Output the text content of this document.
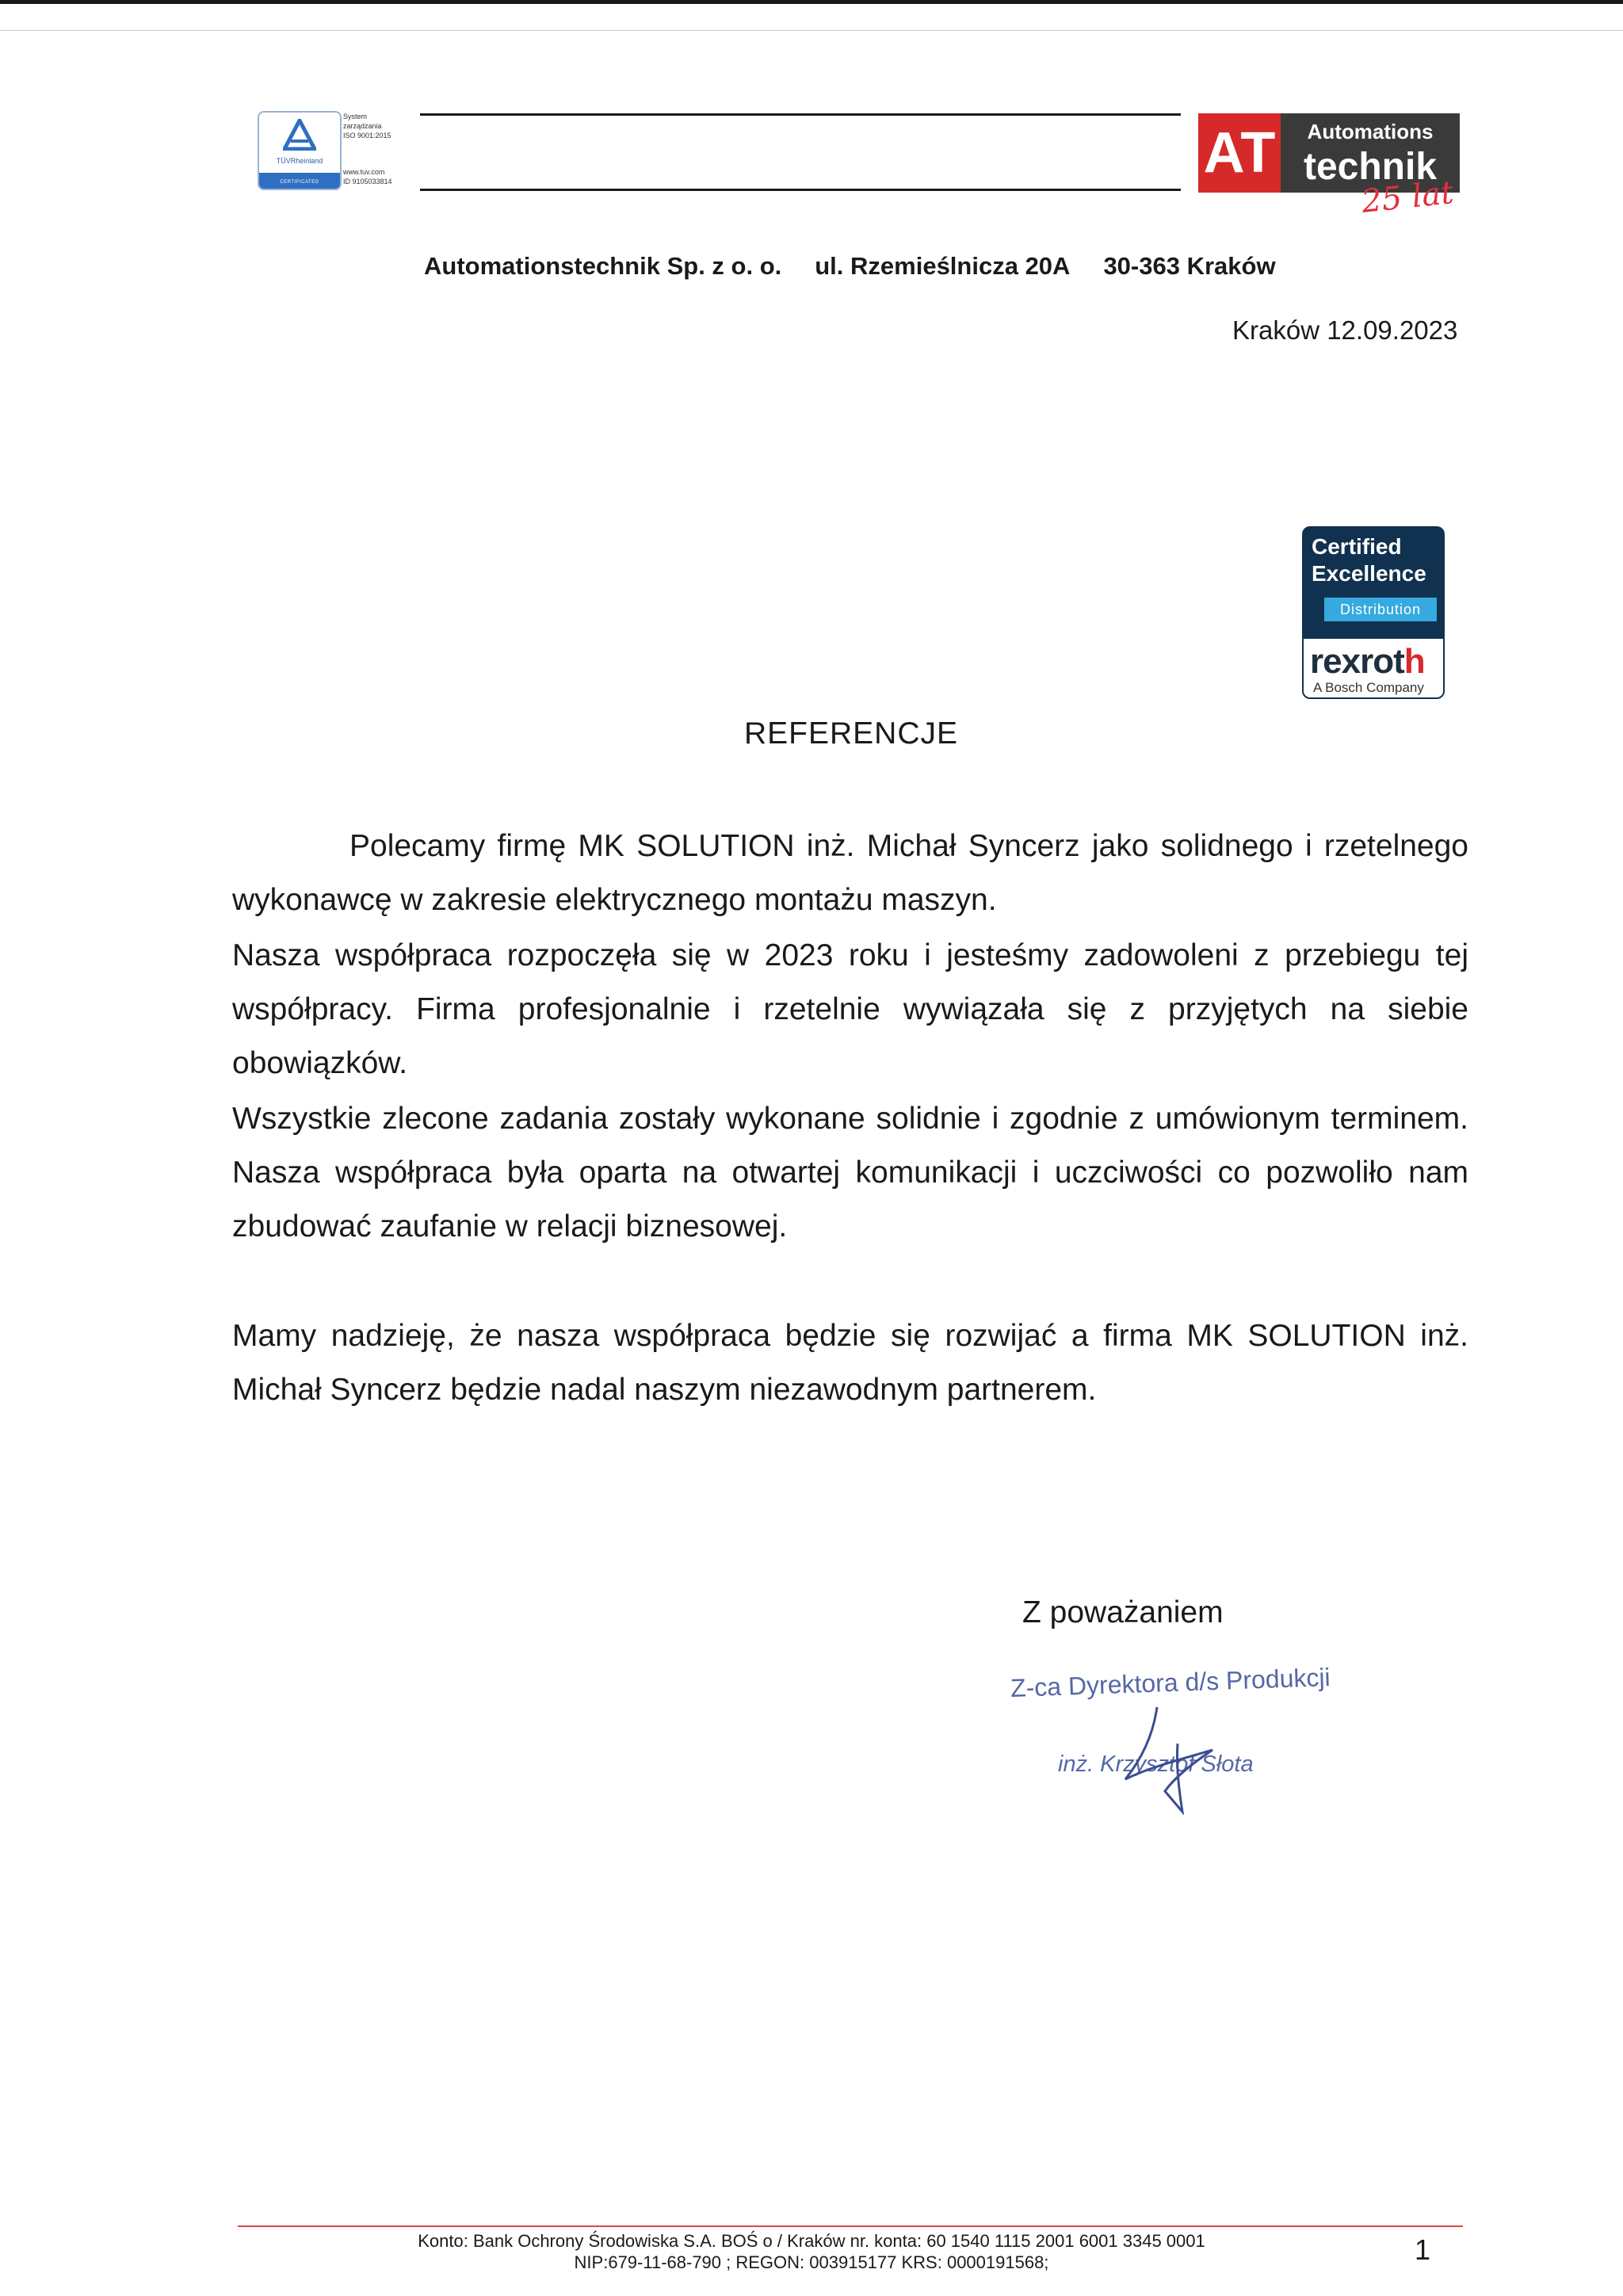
TÜVRheinland
CERTIFICATED
System
zarządzania
ISO 9001:2015
www.tuv.com
ID 9105033814	AT	Automations
technik
25 lat
Automationstechnik Sp. z o. o. ul. Rzemieślnicza 20A 30-363 Kraków
Kraków 12.09.2023
Certified
Excellence
Distribution
rexroth
A Bosch Company
REFERENCJE
Polecamy firmę MK SOLUTION inż. Michał Syncerz jako solidnego i rzetelnego wykonawcę w zakresie elektrycznego montażu maszyn.
Nasza współpraca rozpoczęła się w 2023 roku i jesteśmy zadowoleni z przebiegu tej współpracy. Firma profesjonalnie i rzetelnie wywiązała się z przyjętych na siebie obowiązków.
Wszystkie zlecone zadania zostały wykonane solidnie i zgodnie z umówionym terminem. Nasza współpraca była oparta na otwartej komunikacji i uczciwości co pozwoliło nam zbudować zaufanie w relacji biznesowej.
Mamy nadzieję, że nasza współpraca będzie się rozwijać a firma MK SOLUTION inż. Michał Syncerz będzie nadal naszym niezawodnym partnerem.
Z poważaniem
Z-ca Dyrektora d/s Produkcji
inż. Krzysztof Słota
Konto: Bank Ochrony Środowiska S.A. BOŚ o / Kraków nr. konta: 60 1540 1115 2001 6001 3345 0001
NIP:679-11-68-790 ; REGON: 003915177 KRS: 0000191568;	1
